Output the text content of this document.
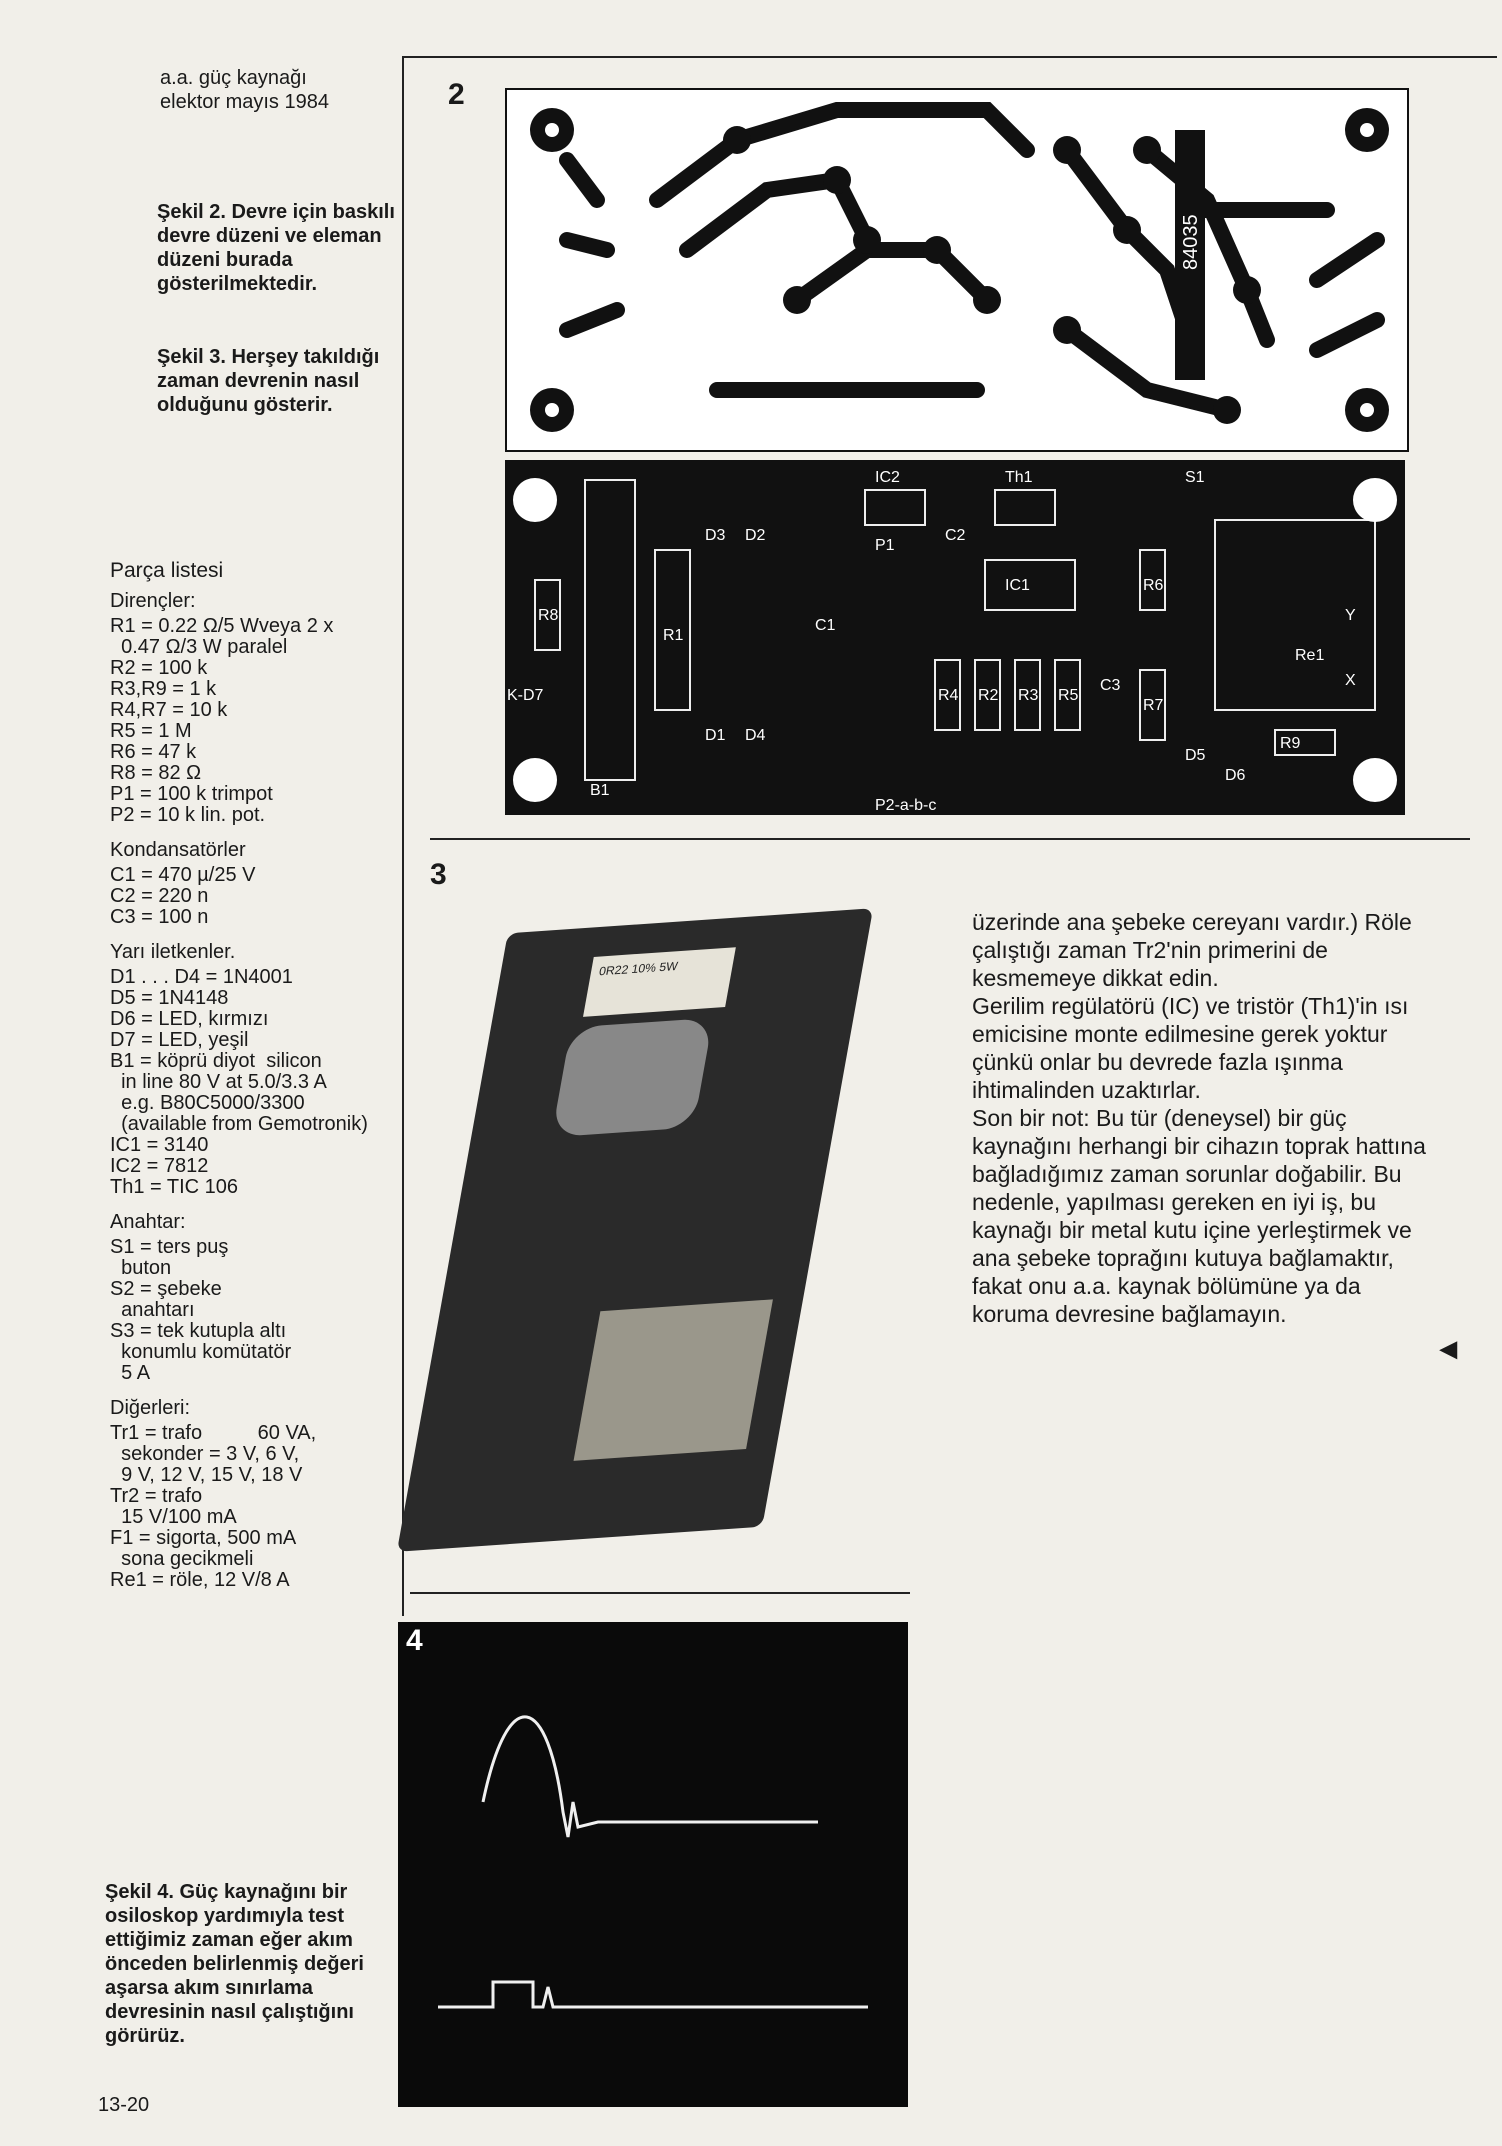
a.a. güç kaynağı
elektor mayıs 1984
Şekil 2. Devre için baskılı devre düzeni ve eleman düzeni burada gösterilmektedir.
Şekil 3. Herşey takıldığı zaman devrenin nasıl olduğunu gösterir.
Şekil 4. Güç kaynağını bir osiloskop yardımıyla test ettiğimiz zaman eğer akım önceden belirlenmiş değeri aşarsa akım sınırlama devresinin nasıl çalıştığını görürüz.
2
84035
IC2	Th1	S1
P1
C2
IC1
D3 D2
R1
C1
D1 D4
R4 R2 R3 R5
C3
R6
R7
Re1
R8
K-D7
B1
D5
D6
R9
P2-a-b-c
Y
X
3
0R22 10% 5W
4
Parça listesi
Dirençler:
R1 = 0.22 Ω/5 Wveya 2 x
0.47 Ω/3 W paralel
R2 = 100 k
R3,R9 = 1 k
R4,R7 = 10 k
R5 = 1 M
R6 = 47 k
R8 = 82 Ω
P1 = 100 k trimpot
P2 = 10 k lin. pot.
Kondansatörler
C1 = 470 µ/25 V
C2 = 220 n
C3 = 100 n
Yarı iletkenler.
D1 . . . D4 = 1N4001
D5 = 1N4148
D6 = LED, kırmızı
D7 = LED, yeşil
B1 = köprü diyot  silicon
in line 80 V at 5.0/3.3 A
e.g. B80C5000/3300
(available from Gemotronik)
IC1 = 3140
IC2 = 7812
Th1 = TIC 106
Anahtar:
S1 = ters puş
buton
S2 = şebeke
anahtarı
S3 = tek kutupla altı
konumlu komütatör
5 A
Diğerleri:
Tr1 = trafo          60 VA,
sekonder = 3 V, 6 V,
9 V, 12 V, 15 V, 18 V
Tr2 = trafo
15 V/100 mA
F1 = sigorta, 500 mA
sona gecikmeli
Re1 = röle, 12 V/8 A

üzerinde ana şebeke cereyanı vardır.) Röle çalıştığı zaman Tr2'nin primerini de kesmemeye dikkat edin.

Gerilim regülatörü (IC) ve tristör (Th1)'in ısı emicisine monte edilmesine gerek yoktur çünkü onlar bu devrede fazla ışınma ihtimalinden uzaktırlar.

Son bir not: Bu tür (deneysel) bir güç kaynağını herhangi bir cihazın toprak hattına bağladığımız zaman sorunlar doğabilir. Bu nedenle, yapılması gereken en iyi iş, bu kaynağı bir metal kutu içine yerleştirmek ve ana şebeke toprağını kutuya bağlamaktır, fakat onu a.a. kaynak bölümüne ya da koruma devresine bağlamayın.

◀
13-20
